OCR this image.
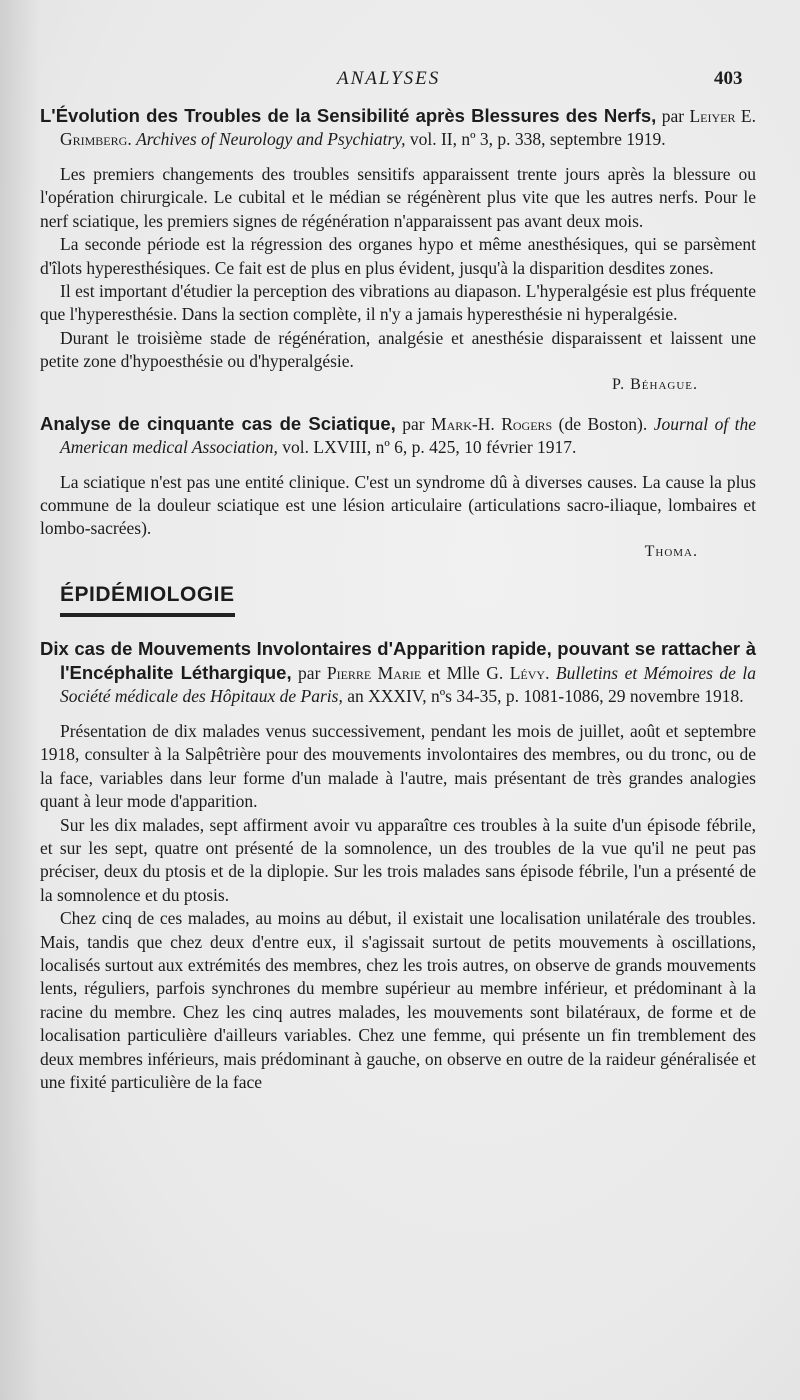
ANALYSES	403

L'Évolution des Troubles de la Sensibilité après Blessures des Nerfs, par Leiyer E. Grimberg. Archives of Neurology and Psychiatry, vol. II, nº 3, p. 338, septembre 1919.

Les premiers changements des troubles sensitifs apparaissent trente jours après la blessure ou l'opération chirurgicale. Le cubital et le médian se régénèrent plus vite que les autres nerfs. Pour le nerf sciatique, les premiers signes de régénération n'apparaissent pas avant deux mois.

La seconde période est la régression des organes hypo et même anesthésiques, qui se parsèment d'îlots hyperesthésiques. Ce fait est de plus en plus évident, jusqu'à la disparition desdites zones.

Il est important d'étudier la perception des vibrations au diapason. L'hyperalgésie est plus fréquente que l'hyperesthésie. Dans la section complète, il n'y a jamais hyperesthésie ni hyperalgésie.

Durant le troisième stade de régénération, analgésie et anesthésie disparaissent et laissent une petite zone d'hypoesthésie ou d'hyperalgésie.

P. Béhague.

Analyse de cinquante cas de Sciatique, par Mark-H. Rogers (de Boston). Journal of the American medical Association, vol. LXVIII, nº 6, p. 425, 10 février 1917.

La sciatique n'est pas une entité clinique. C'est un syndrome dû à diverses causes. La cause la plus commune de la douleur sciatique est une lésion articulaire (articulations sacro-iliaque, lombaires et lombo-sacrées).

Thoma.
ÉPIDÉMIOLOGIE

Dix cas de Mouvements Involontaires d'Apparition rapide, pouvant se rattacher à l'Encéphalite Léthargique, par Pierre Marie et Mlle G. Lévy. Bulletins et Mémoires de la Société médicale des Hôpitaux de Paris, an XXXIV, nºs 34-35, p. 1081-1086, 29 novembre 1918.

Présentation de dix malades venus successivement, pendant les mois de juillet, août et septembre 1918, consulter à la Salpêtrière pour des mouvements involontaires des membres, ou du tronc, ou de la face, variables dans leur forme d'un malade à l'autre, mais présentant de très grandes analogies quant à leur mode d'apparition.

Sur les dix malades, sept affirment avoir vu apparaître ces troubles à la suite d'un épisode fébrile, et sur les sept, quatre ont présenté de la somnolence, un des troubles de la vue qu'il ne peut pas préciser, deux du ptosis et de la diplopie. Sur les trois malades sans épisode fébrile, l'un a présenté de la somnolence et du ptosis.

Chez cinq de ces malades, au moins au début, il existait une localisation unilatérale des troubles. Mais, tandis que chez deux d'entre eux, il s'agissait surtout de petits mouvements à oscillations, localisés surtout aux extrémités des membres, chez les trois autres, on observe de grands mouvements lents, réguliers, parfois synchrones du membre supérieur au membre inférieur, et prédominant à la racine du membre. Chez les cinq autres malades, les mouvements sont bilatéraux, de forme et de localisation particulière d'ailleurs variables. Chez une femme, qui présente un fin tremblement des deux membres inférieurs, mais prédominant à gauche, on observe en outre de la raideur généralisée et une fixité particulière de la face
